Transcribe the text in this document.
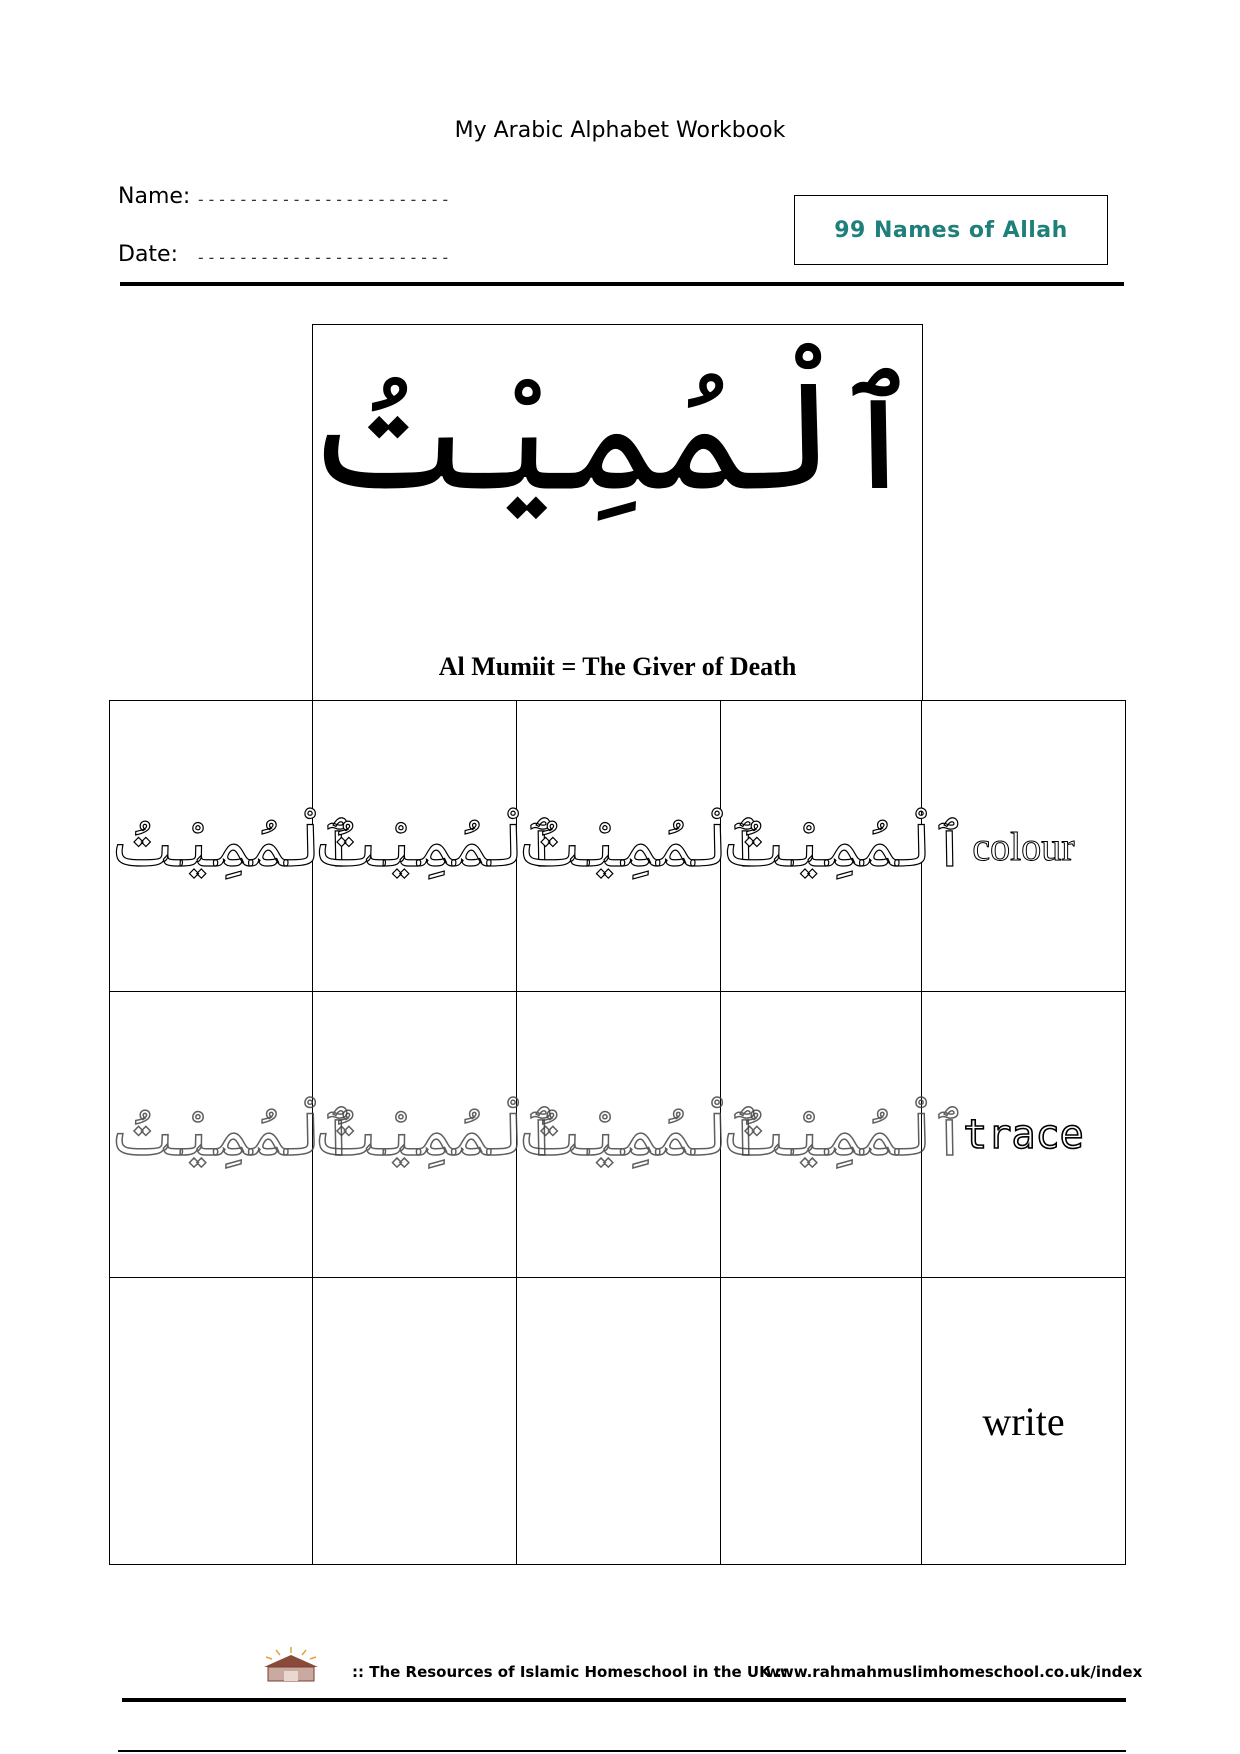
My Arabic Alphabet Workbook
Name: ------------------------
Date: ------------------------
99 Names of Allah
ٱلْمُمِيْتُ
Al Mumiit = The Giver of Death
ٱلْمُمِيْتُ	ٱلْمُمِيْتُ	ٱلْمُمِيْتُ	ٱلْمُمِيْتُ	colour
ٱلْمُمِيْتُ	ٱلْمُمِيْتُ	ٱلْمُمِيْتُ	ٱلْمُمِيْتُ	trace
				write
:: The Resources of Islamic Homeschool in the UK ::
www.rahmahmuslimhomeschool.co.uk/index
